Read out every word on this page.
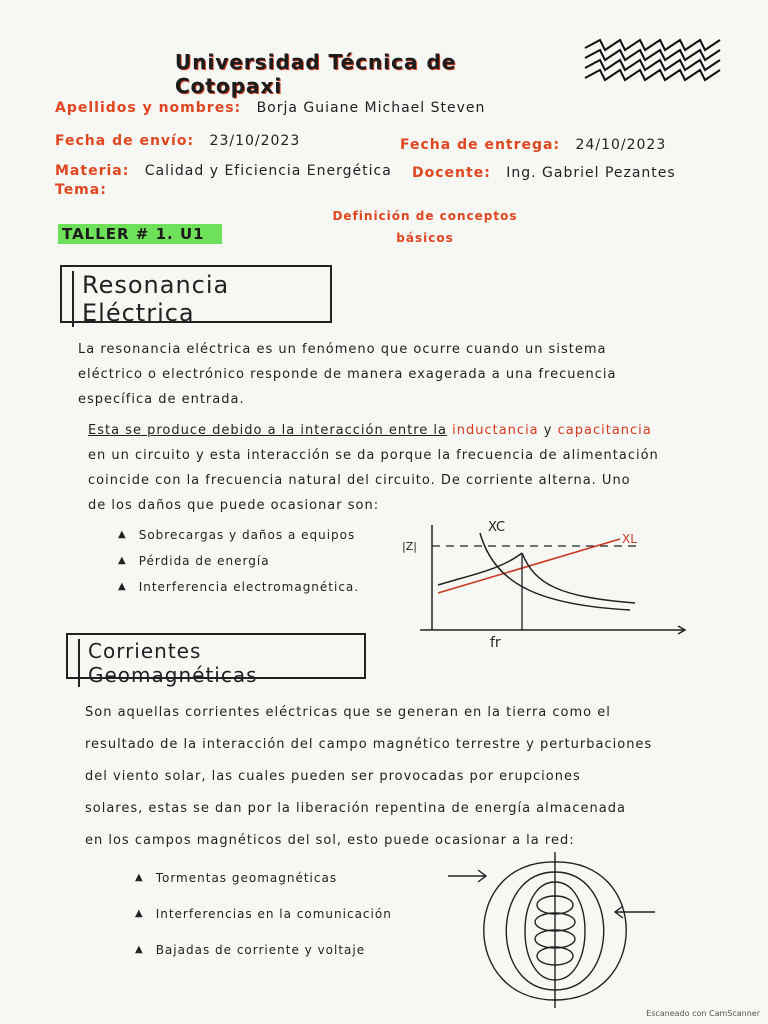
Universidad Técnica de Cotopaxi
Apellidos y nombres: Borja Guiane Michael Steven
Fecha de envío: 23/10/2023	Fecha de entrega: 24/10/2023
Materia: Calidad y Eficiencia Energética Docente: Ing. Gabriel Pezantes
Tema:
TALLER # 1. U1
Definición de conceptos básicos
Resonancia Eléctrica
La resonancia eléctrica es un fenómeno que ocurre cuando un sistema
eléctrico o electrónico responde de manera exagerada a una frecuencia
específica de entrada.
Esta se produce debido a la interacción entre la inductancia y capacitancia
en un circuito y esta interacción se da porque la frecuencia de alimentación
coincide con la frecuencia natural del circuito. De corriente alterna. Uno
de los daños que puede ocasionar son:
▲ Sobrecargas y daños a equipos
▲ Pérdida de energía
▲ Interferencia electromagnética.
XC
XL
|Z|
fr
Corrientes Geomagnéticas
Son aquellas corrientes eléctricas que se generan en la tierra como el
resultado de la interacción del campo magnético terrestre y perturbaciones
del viento solar, las cuales pueden ser provocadas por erupciones
solares, estas se dan por la liberación repentina de energía almacenada
en los campos magnéticos del sol, esto puede ocasionar a la red:
▲ Tormentas geomagnéticas
▲ Interferencias en la comunicación
▲ Bajadas de corriente y voltaje
Escaneado con CamScanner
